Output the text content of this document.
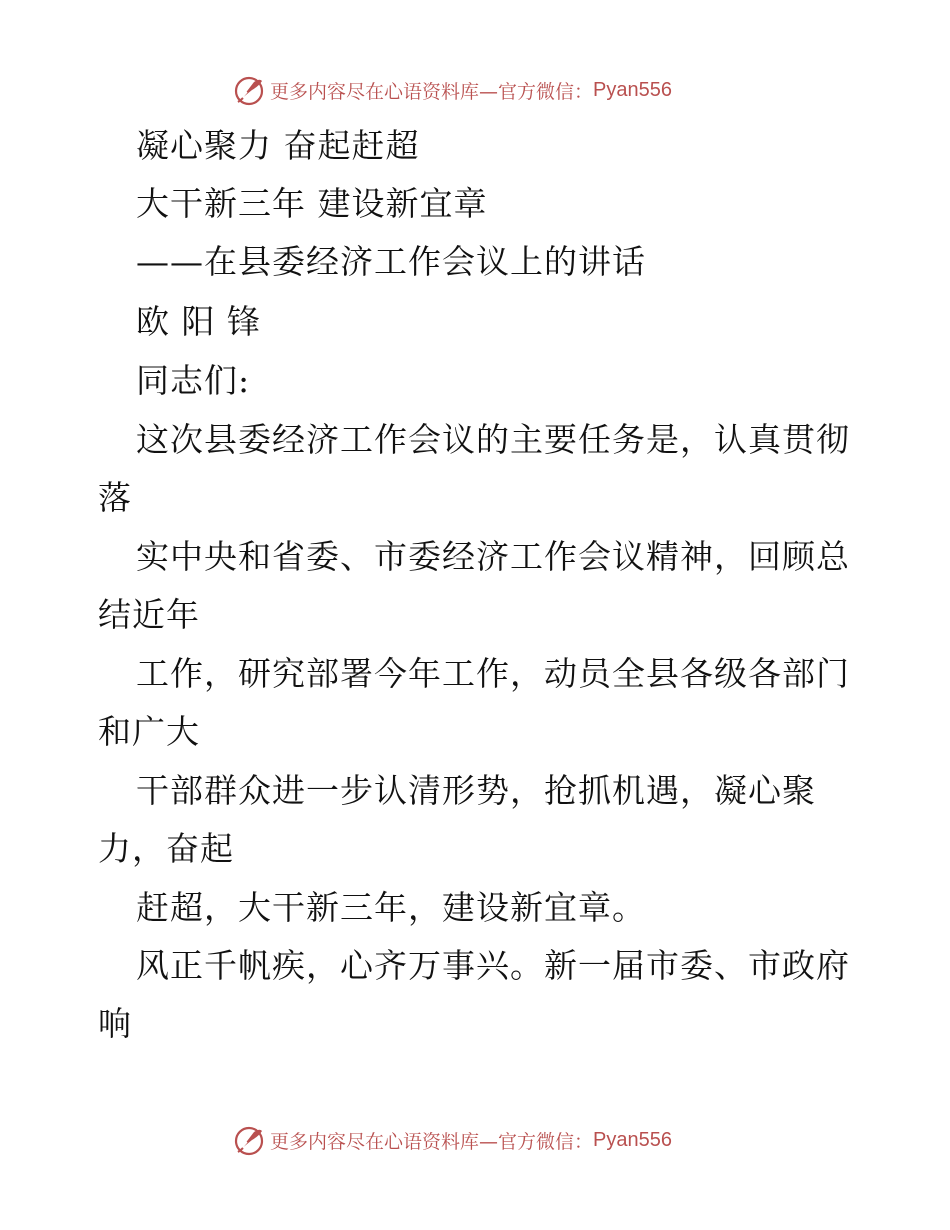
更多内容尽在心语资料库—官方微信： Pyan556
凝心聚力 奋起赶超
大干新三年 建设新宜章
——在县委经济工作会议上的讲话
欧 阳 锋
同志们:
这次县委经济工作会议的主要任务是，认真贯彻
落
实中央和省委、市委经济工作会议精神，回顾总
结近年
工作，研究部署今年工作，动员全县各级各部门
和广大
干部群众进一步认清形势，抢抓机遇，凝心聚
力，奋起
赶超，大干新三年，建设新宜章。
风正千帆疾，心齐万事兴。新一届市委、市政府
响
更多内容尽在心语资料库—官方微信： Pyan556
